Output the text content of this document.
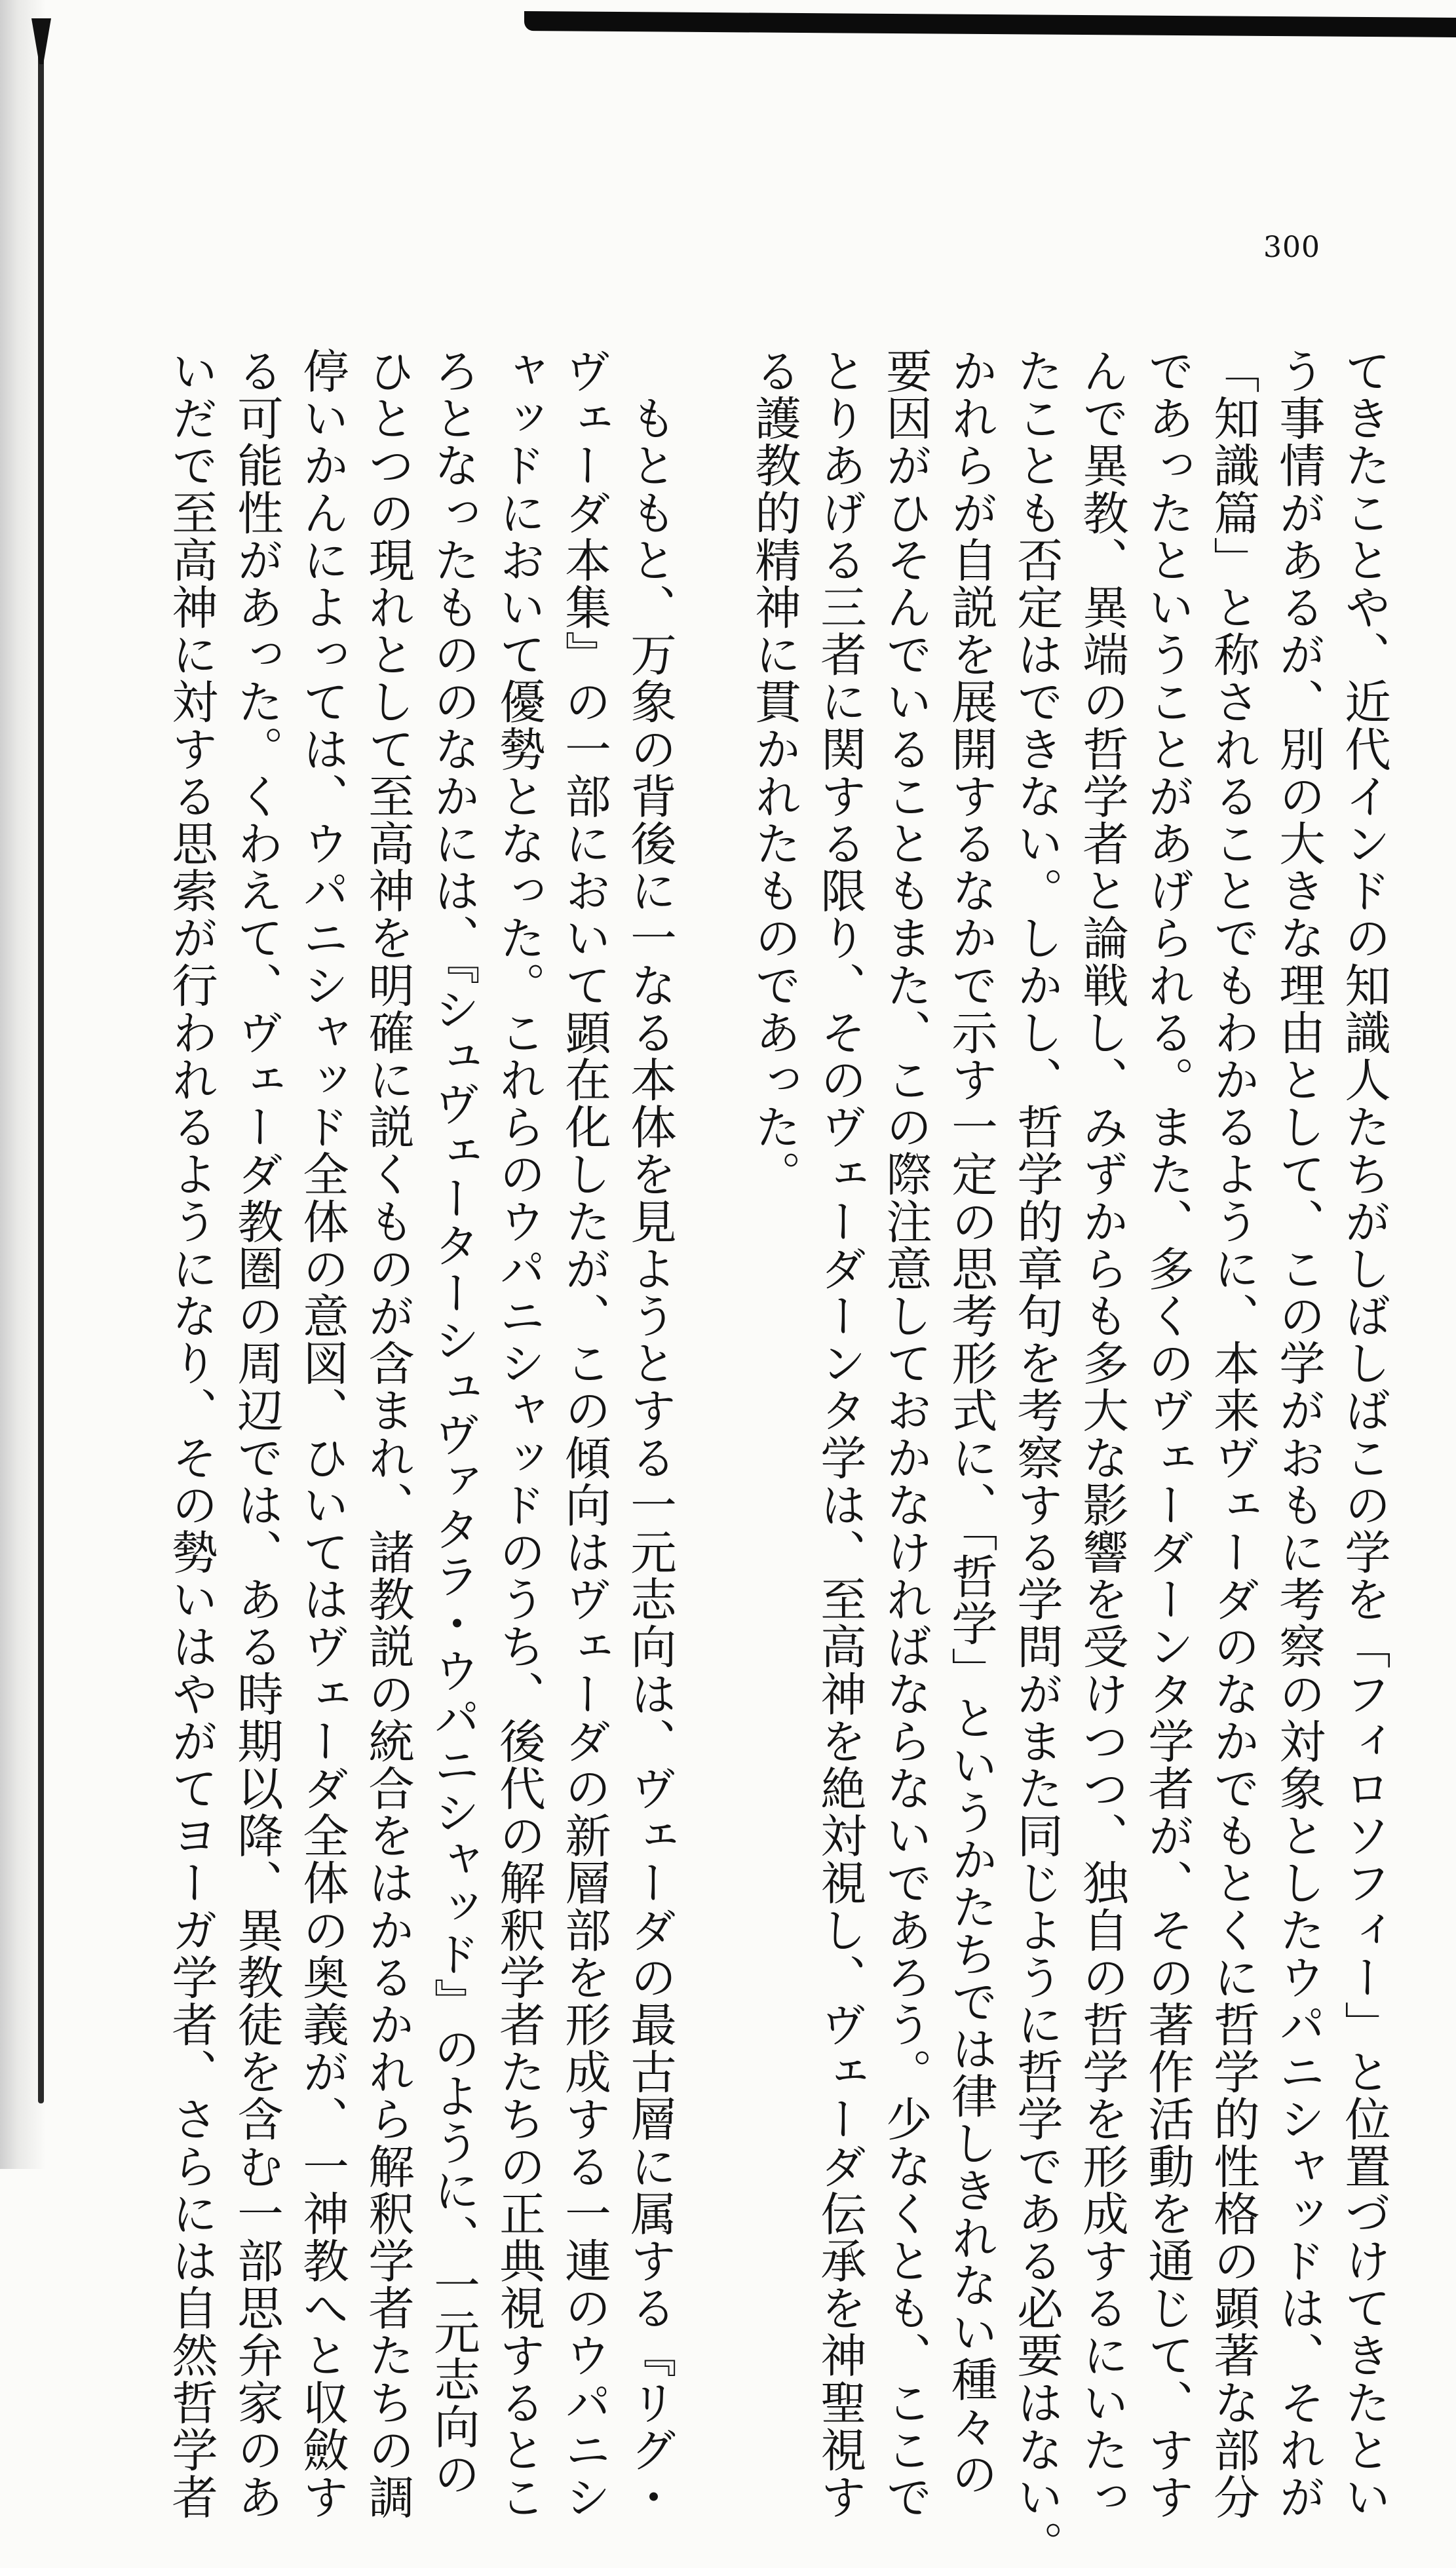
300
てきたことや、近代インドの知識人たちがしばしばこの学を「フィロソフィー」と位置づけてきたとい
う事情があるが、別の大きな理由として、この学がおもに考察の対象としたウパニシャッドは、それが
「知識篇」と称されることでもわかるように、本来ヴェーダのなかでもとくに哲学的性格の顕著な部分
であったということがあげられる。また、多くのヴェーダーンタ学者が、その著作活動を通じて、すす
んで異教、異端の哲学者と論戦し、みずからも多大な影響を受けつつ、独自の哲学を形成するにいたっ
たことも否定はできない。しかし、哲学的章句を考察する学問がまた同じように哲学である必要はない。
かれらが自説を展開するなかで示す一定の思考形式に、「哲学」というかたちでは律しきれない種々の
要因がひそんでいることもまた、この際注意しておかなければならないであろう。少なくとも、ここで
とりあげる三者に関する限り、そのヴェーダーンタ学は、至高神を絶対視し、ヴェーダ伝承を神聖視す
る護教的精神に貫かれたものであった。
　もともと、万象の背後に一なる本体を見ようとする一元志向は、ヴェーダの最古層に属する『リグ・
ヴェーダ本集』の一部において顕在化したが、この傾向はヴェーダの新層部を形成する一連のウパニシ
ャッドにおいて優勢となった。これらのウパニシャッドのうち、後代の解釈学者たちの正典視するとこ
ろとなったもののなかには、『シュヴェーターシュヴァタラ・ウパニシャッド』のように、一元志向の
ひとつの現れとして至高神を明確に説くものが含まれ、諸教説の統合をはかるかれら解釈学者たちの調
停いかんによっては、ウパニシャッド全体の意図、ひいてはヴェーダ全体の奥義が、一神教へと収斂す
る可能性があった。くわえて、ヴェーダ教圏の周辺では、ある時期以降、異教徒を含む一部思弁家のあ
いだで至高神に対する思索が行われるようになり、その勢いはやがてヨーガ学者、さらには自然哲学者
